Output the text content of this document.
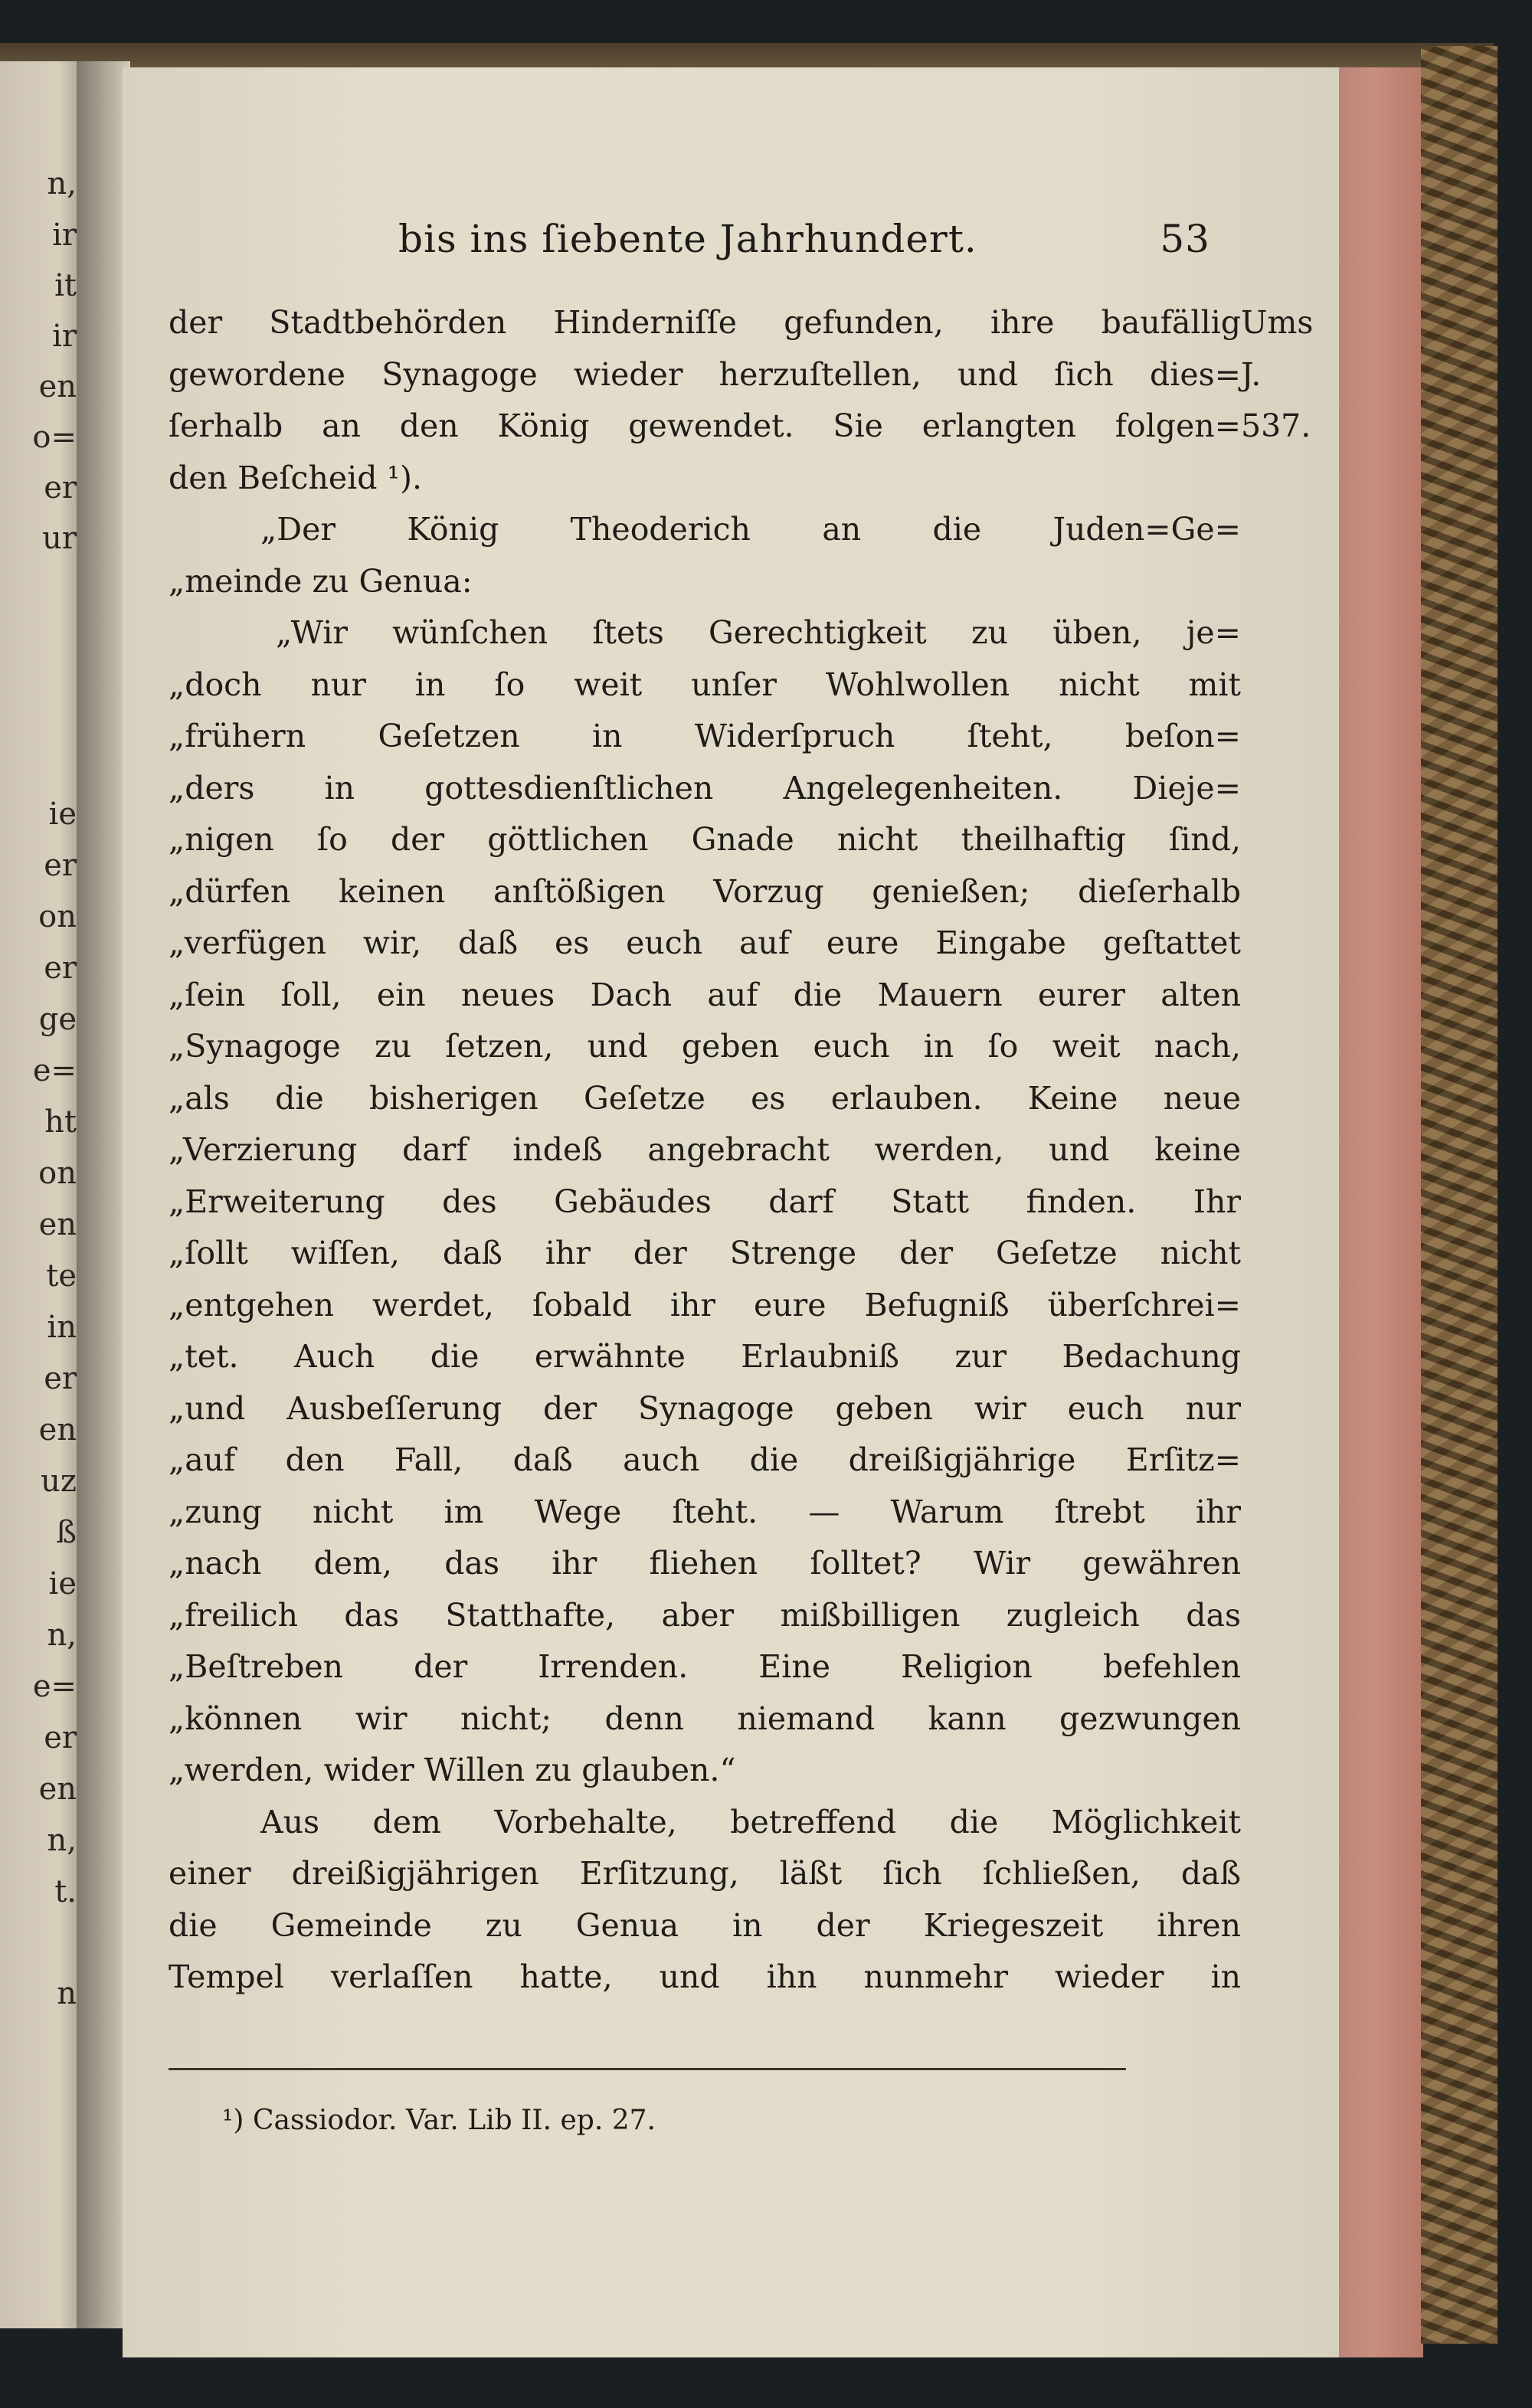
n,
ir
it
ir
en
o=
er
ur
ie
er
on
er
ge
e=
ht
on
en
te
in
er
en
uz
ß
ie
n,
e=
er
en
n,
t.
n
bis ins ſiebente Jahrhundert.	53
der Stadtbehörden Hinderniſſe gefunden, ihre baufällig
gewordene Synagoge wieder herzuſtellen, und ſich dies=
ſerhalb an den König gewendet. Sie erlangten folgen=
den Beſcheid ¹).
„Der König Theoderich an die Juden=Ge=
„meinde zu Genua:
„Wir wünſchen ſtets Gerechtigkeit zu üben, je=
„doch nur in ſo weit unſer Wohlwollen nicht mit
„frühern Geſetzen in Widerſpruch ſteht, beſon=
„ders in gottesdienſtlichen Angelegenheiten. Dieje=
„nigen ſo der göttlichen Gnade nicht theilhaftig ſind,
„dürfen keinen anſtößigen Vorzug genießen; dieſerhalb
„verfügen wir, daß es euch auf eure Eingabe geſtattet
„ſein ſoll, ein neues Dach auf die Mauern eurer alten
„Synagoge zu ſetzen, und geben euch in ſo weit nach,
„als die bisherigen Geſetze es erlauben. Keine neue
„Verzierung darf indeß angebracht werden, und keine
„Erweiterung des Gebäudes darf Statt finden. Ihr
„ſollt wiſſen, daß ihr der Strenge der Geſetze nicht
„entgehen werdet, ſobald ihr eure Befugniß überſchrei=
„tet. Auch die erwähnte Erlaubniß zur Bedachung
„und Ausbeſſerung der Synagoge geben wir euch nur
„auf den Fall, daß auch die dreißigjährige Erſitz=
„zung nicht im Wege ſteht. — Warum ſtrebt ihr
„nach dem, das ihr fliehen ſolltet? Wir gewähren
„freilich das Statthafte, aber mißbilligen zugleich das
„Beſtreben der Irrenden. Eine Religion befehlen
„können wir nicht; denn niemand kann gezwungen
„werden, wider Willen zu glauben.“
Aus dem Vorbehalte, betreffend die Möglichkeit
einer dreißigjährigen Erſitzung, läßt ſich ſchließen, daß
die Gemeinde zu Genua in der Kriegeszeit ihren
Tempel verlaſſen hatte, und ihn nunmehr wieder in
Ums
J.
537.
¹) Cassiodor. Var. Lib II. ep. 27.
